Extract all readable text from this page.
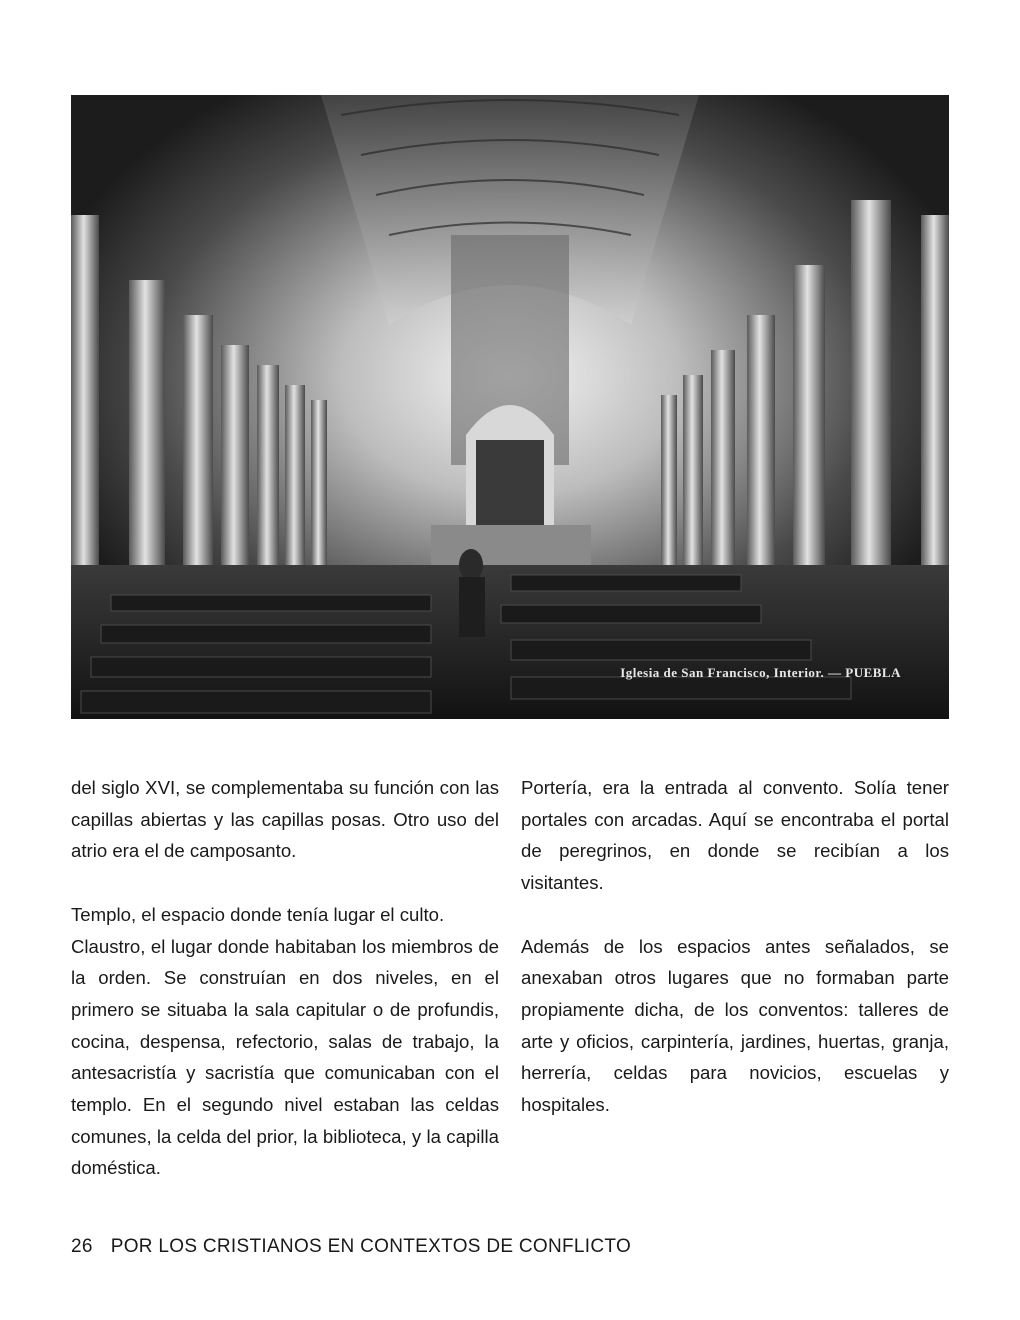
Iglesia de San Francisco, Interior. — PUEBLA

del siglo XVI, se complementaba su función con las capillas abiertas y las capillas posas. Otro uso del atrio era el de camposanto.

Templo, el espacio donde tenía lugar el culto.

Claustro, el lugar donde habitaban los miembros de la orden. Se construían en dos niveles, en el primero se situaba la sala capitular o de profundis, cocina, despensa, refectorio, salas de trabajo, la antesacristía y sacristía que comunicaban con el templo. En el segundo nivel estaban las celdas comunes, la celda del prior, la biblioteca, y la capilla doméstica.

Portería, era la entrada al convento. Solía tener portales con arcadas. Aquí se encontraba el portal de peregrinos, en donde se recibían a los visitantes.

Además de los espacios antes señalados, se anexaban otros lugares que no formaban parte propiamente dicha, de los conventos: talleres de arte y oficios, carpintería, jardines, huertas, granja, herrería, celdas para novicios, escuelas y hospitales.

26 POR LOS CRISTIANOS EN CONTEXTOS DE CONFLICTO
